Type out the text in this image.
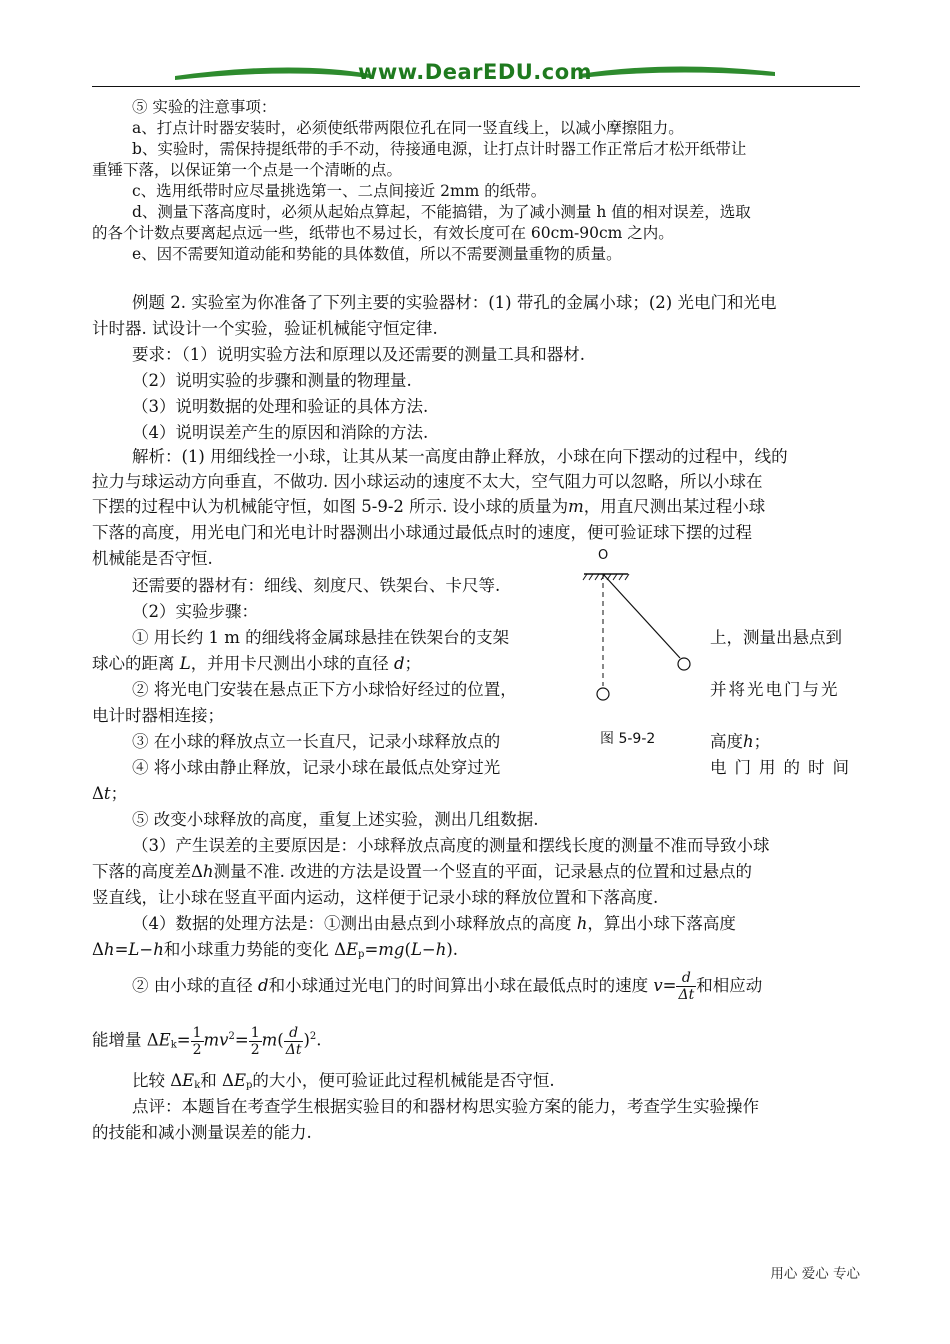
www.DearEDU.com
⑤ 实验的注意事项：
a、打点计时器安装时，必须使纸带两限位孔在同一竖直线上，以减小摩擦阻力。
b、实验时，需保持提纸带的手不动，待接通电源，让打点计时器工作正常后才松开纸带让
重锤下落，以保证第一个点是一个清晰的点。
c、选用纸带时应尽量挑选第一、二点间接近 2mm 的纸带。
d、测量下落高度时，必须从起始点算起，不能搞错，为了减小测量 h 值的相对误差，选取
的各个计数点要离起点远一些，纸带也不易过长，有效长度可在 60cm-90cm 之内。
e、因不需要知道动能和势能的具体数值，所以不需要测量重物的质量。
例题 2. 实验室为你准备了下列主要的实验器材：(1) 带孔的金属小球；(2) 光电门和光电
计时器. 试设计一个实验，验证机械能守恒定律.
要求：（1）说明实验方法和原理以及还需要的测量工具和器材.
（2）说明实验的步骤和测量的物理量.
（3）说明数据的处理和验证的具体方法.
（4）说明误差产生的原因和消除的方法.
解析：(1) 用细线拴一小球，让其从某一高度由静止释放，小球在向下摆动的过程中，线的
拉力与球运动方向垂直，不做功. 因小球运动的速度不太大，空气阻力可以忽略，所以小球在
下摆的过程中认为机械能守恒，如图 5-9-2 所示. 设小球的质量为m，用直尺测出某过程小球
下落的高度，用光电门和光电计时器测出小球通过最低点时的速度，便可验证球下摆的过程
机械能是否守恒.
还需要的器材有：细线、刻度尺、铁架台、卡尺等.
（2）实验步骤：
① 用长约 1 m 的细线将金属球悬挂在铁架台的支架	上，测量出悬点到
球心的距离 L，并用卡尺测出小球的直径 d；
② 将光电门安装在悬点正下方小球恰好经过的位置，	并将光电门与光
电计时器相连接；
③ 在小球的释放点立一长直尺，记录小球释放点的	高度h；
④ 将小球由静止释放，记录小球在最低点处穿过光	电门用的时间
Δt；
⑤ 改变小球释放的高度，重复上述实验，测出几组数据.
O
图 5-9-2
（3）产生误差的主要原因是：小球释放点高度的测量和摆线长度的测量不准而导致小球
下落的高度差Δh测量不准. 改进的方法是设置一个竖直的平面，记录悬点的位置和过悬点的
竖直线，让小球在竖直平面内运动，这样便于记录小球的释放位置和下落高度.
（4）数据的处理方法是：①测出由悬点到小球释放点的高度 h，算出小球下落高度
Δh=L−h和小球重力势能的变化 $\Delta E_p=mg(L-h)$.
② 由小球的直径 d和小球通过光电门的时间算出小球在最低点时的速度 $v= \frac{d}{\Delta t}$ 和相应动
能增量 $\Delta E_k= \frac{1}{2} mv^2= \frac{1}{2} m( \frac{d}{\Delta t} )^2$.
比较 $\Delta E_k$和 $\Delta E_p$的大小，便可验证此过程机械能是否守恒.
点评：本题旨在考查学生根据实验目的和器材构思实验方案的能力，考查学生实验操作
的技能和减小测量误差的能力.
用心 爱心 专心
